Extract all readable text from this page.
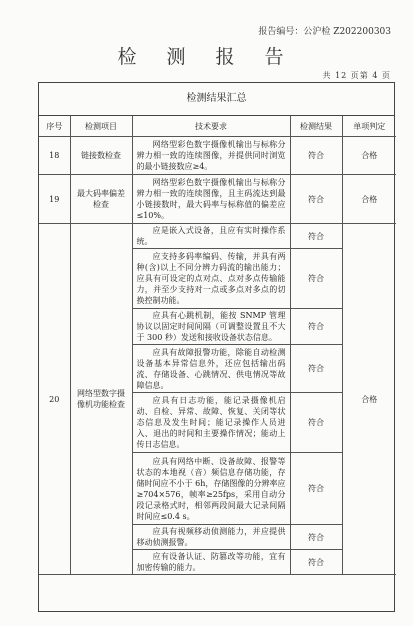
报告编号：公沪检 Z202200303
检 测 报 告
共 12 页第 4 页
检测结果汇总
序号	检测项目	技术要求	检测结果	单项判定
18	链接数检查	网络型彩色数字摄像机输出与标称分辨力相一致的连续图像，并提供同时浏览的最小链接数应≥4。	符合	合格
19	最大码率偏差检查	网络型彩色数字摄像机输出与标称分辨力相一致的连续图像，且主码流达到最小链接数时，最大码率与标称值的偏差应≤10%。	符合	合格
20	网络型数字摄像机功能检查	应是嵌入式设备，且应有实时操作系统。	符合	合格
		应支持多码率编码、传输，并具有两种(含)以上不同分辨力码流的输出能力；应具有可设定的点对点、点对多点传输能力，并至少支持对一点或多点对多点的切换控制功能。	符合	
		应具有心跳机制，能按 SNMP 管理协议以固定时间间隔（可调整设置且不大于 300 秒）发送和接收设备状态信息。	符合	
		应具有故障报警功能，除能自动检测设备基本异常信息外，还应包括输出码流、存储设备、心跳情况、供电情况等故障信息。	符合	
		应具有日志功能，能记录摄像机启动、自检、异常、故障、恢复、关闭等状态信息及发生时间；能记录操作人员进入、退出的时间和主要操作情况；能动上传日志信息。	符合	
		应具有网络中断、设备故障、报警等状态的本地视（音）频信息存储功能，存储时间应不小于 6h，存储图像的分辨率应≥704×576，帧率≥25fps，采用自动分段记录格式时，相邻两段间最大记录间隔时间应≤0.4 s。	符合	
		应具有视频移动侦测能力，并应提供移动侦测报警。	符合	
		应有设备认证、防篡改等功能，宜有加密传输的能力。	符合	
